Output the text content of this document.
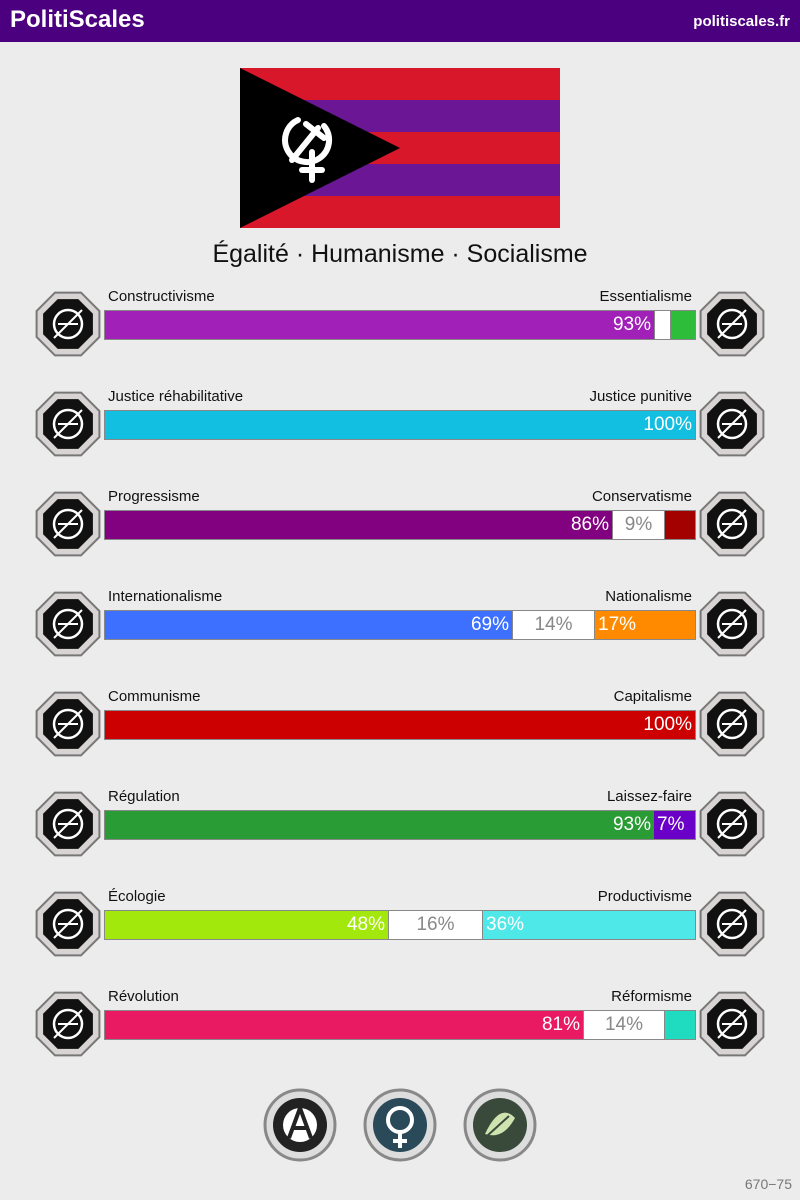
PolitiScales	politiscales.fr
Égalité · Humanisme · Socialisme
Constructivisme	Essentialisme
93%
Justice réhabilitative	Justice punitive
100%
Progressisme	Conservatisme
86% 9%
Internationalisme	Nationalisme
69%	14%	17%
Communisme	Capitalisme
100%
Régulation	Laissez-faire
93% 7%
Écologie	Productivisme
48%	16%	36%
Révolution	Réformisme
81%	14%
670−75
